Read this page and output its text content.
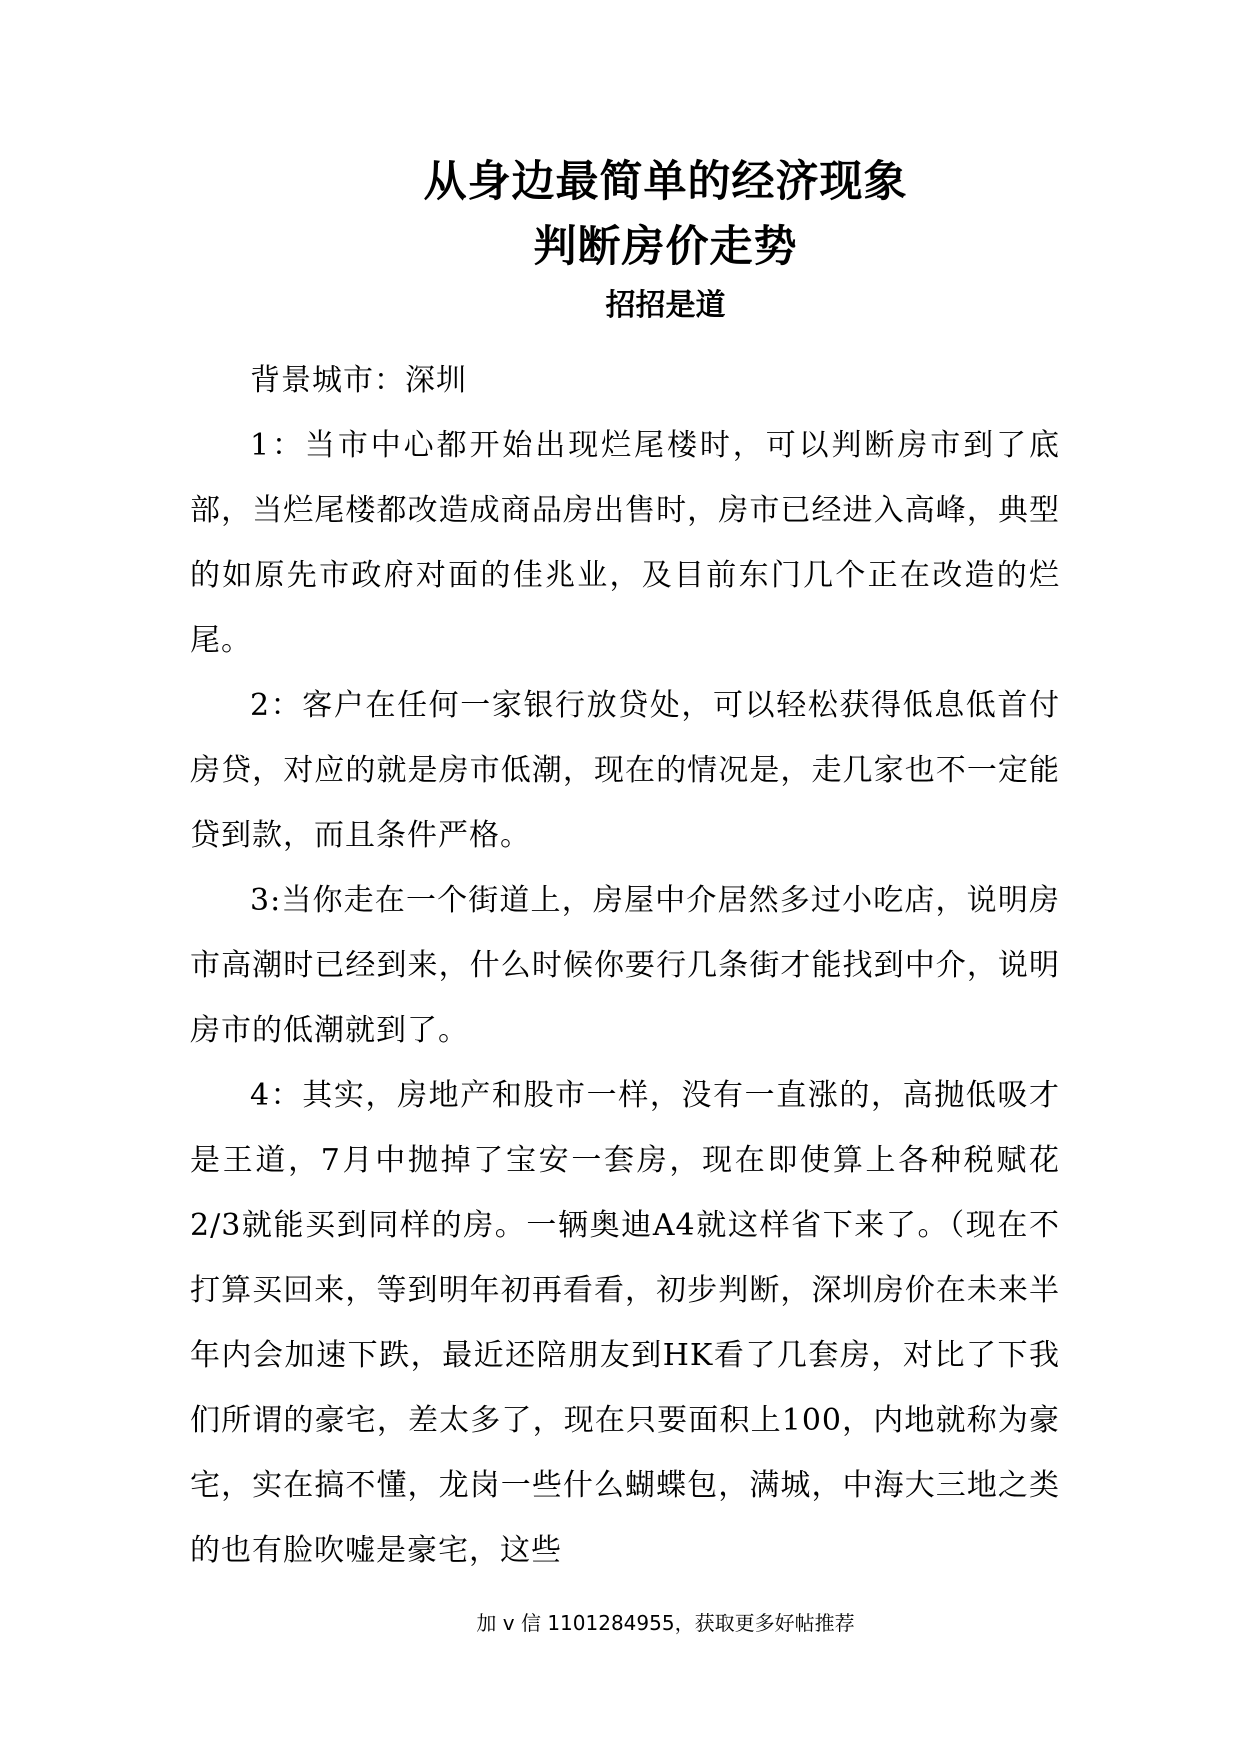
从身边最简单的经济现象
判断房价走势
招招是道

背景城市：深圳

1：当市中心都开始出现烂尾楼时，可以判断房市到了底部，当烂尾楼都改造成商品房出售时，房市已经进入高峰，典型的如原先市政府对面的佳兆业，及目前东门几个正在改造的烂尾。

2：客户在任何一家银行放贷处，可以轻松获得低息低首付房贷，对应的就是房市低潮，现在的情况是，走几家也不一定能贷到款，而且条件严格。

3:当你走在一个街道上，房屋中介居然多过小吃店，说明房市高潮时已经到来，什么时候你要行几条街才能找到中介，说明房市的低潮就到了。

4：其实，房地产和股市一样，没有一直涨的，高抛低吸才是王道，7月中抛掉了宝安一套房，现在即使算上各种税赋花2/3就能买到同样的房。一辆奥迪A4就这样省下来了。（现在不打算买回来，等到明年初再看看，初步判断，深圳房价在未来半年内会加速下跌，最近还陪朋友到HK看了几套房，对比了下我们所谓的豪宅，差太多了，现在只要面积上100，内地就称为豪宅，实在搞不懂，龙岗一些什么蝴蝶包，满城，中海大三地之类的也有脸吹嘘是豪宅，这些

加 v 信 1101284955，获取更多好帖推荐
